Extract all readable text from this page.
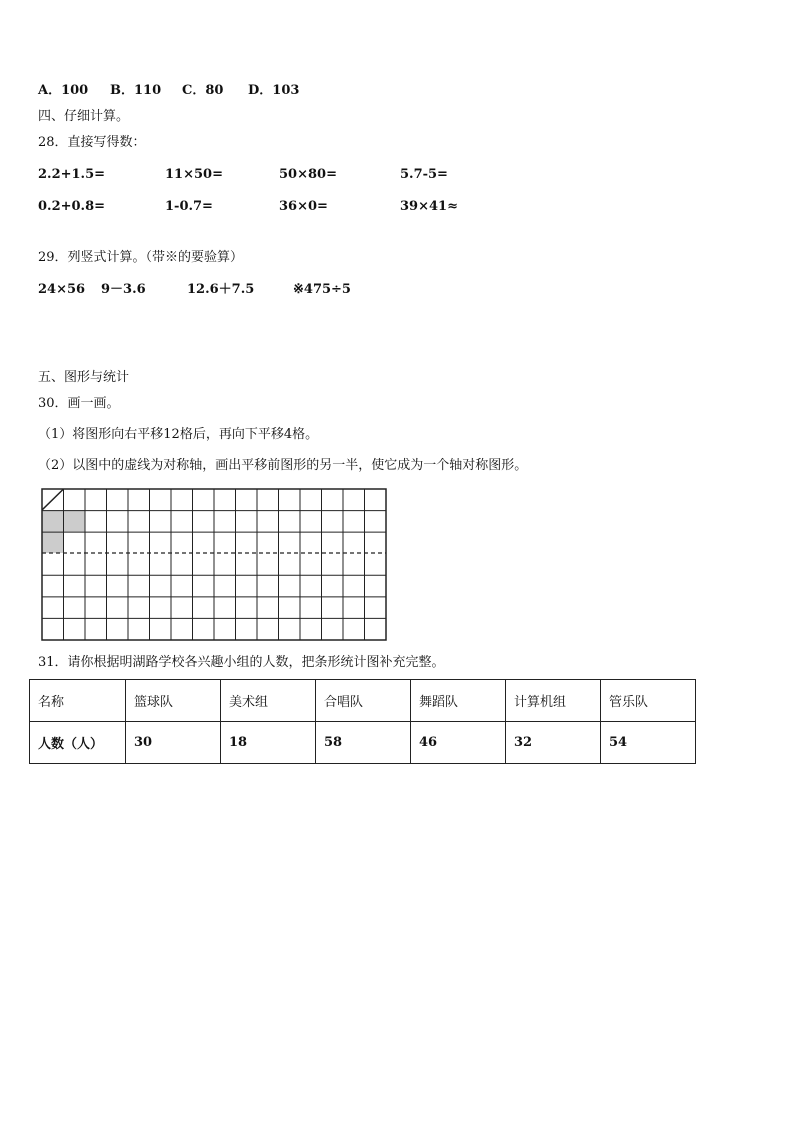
A．100 B．110 C．80 D．103
四、仔细计算。
28．直接写得数：
2.2+1.5=	11×50=	50×80=	5.7-5=
0.2+0.8=	1-0.7=	36×0=	39×41≈
29．列竖式计算。（带※的要验算）
24×56 9－3.6	12.6＋7.5	※475÷5
五、图形与统计
30．画一画。
（1）将图形向右平移12格后，再向下平移4格。
（2）以图中的虚线为对称轴，画出平移前图形的另一半，使它成为一个轴对称图形。
31．请你根据明湖路学校各兴趣小组的人数，把条形统计图补充完整。
名称	篮球队	美术组	合唱队	舞蹈队	计算机组	管乐队
人数（人）	30	18	58	46	32	54
